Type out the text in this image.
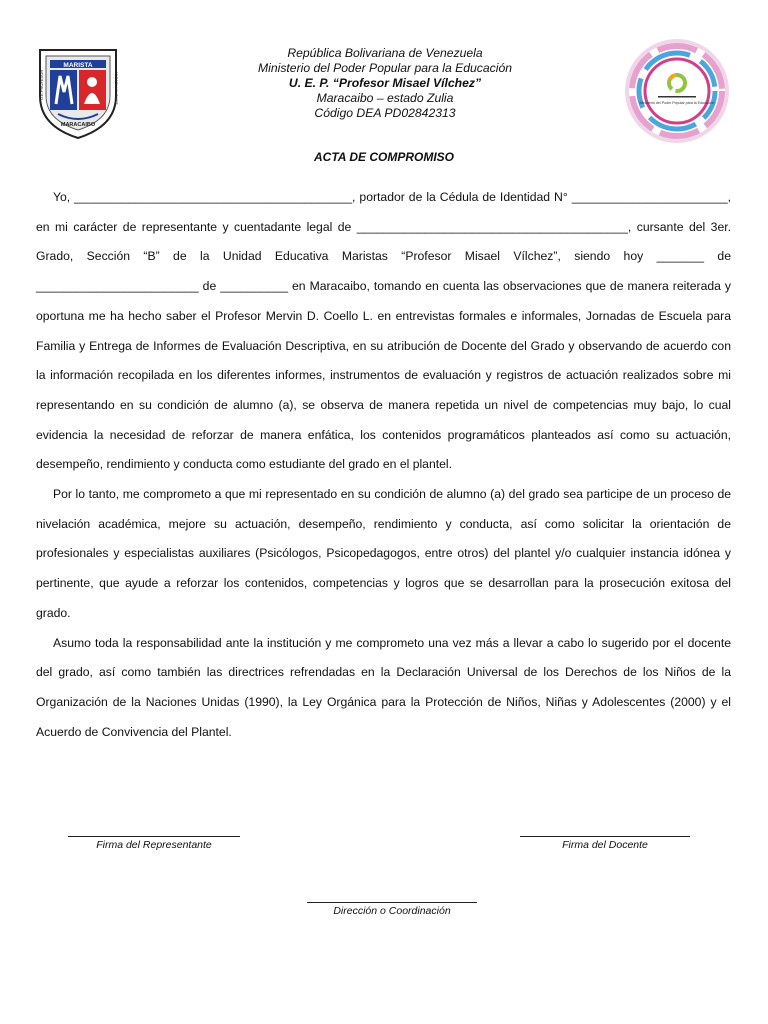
MARISTA
MARACAIBO
U.E.PROFESOR	MISAEL VILCHEZ
República Bolivariana de Venezuela
Ministerio del Poder Popular para la Educación
U. E. P. “Profesor Misael Vílchez”
Maracaibo – estado Zulia
Código DEA PD02842313
Ministerio del Poder Popular para la Educación
ACTA DE COMPROMISO

Yo, _________________________________________, portador de la Cédula de Identidad N° _______________________, en mi carácter de representante y cuentadante legal de ________________________________________, cursante del 3er. Grado, Sección “B” de la Unidad Educativa Maristas “Profesor Misael Vílchez”, siendo hoy _______ de ________________________ de __________ en Maracaibo, tomando en cuenta las observaciones que de manera reiterada y oportuna me ha hecho saber el Profesor Mervin D. Coello L. en entrevistas formales e informales, Jornadas de Escuela para Familia y Entrega de Informes de Evaluación Descriptiva, en su atribución de Docente del Grado y observando de acuerdo con la información recopilada en los diferentes informes, instrumentos de evaluación y registros de actuación realizados sobre mi representando en su condición de alumno (a), se observa de manera repetida un nivel de competencias muy bajo, lo cual evidencia la necesidad de reforzar de manera enfática, los contenidos programáticos planteados así como su actuación, desempeño, rendimiento y conducta como estudiante del grado en el plantel.

Por lo tanto, me comprometo a que mi representado en su condición de alumno (a) del grado sea participe de un proceso de nivelación académica, mejore su actuación, desempeño, rendimiento y conducta, así como solicitar la orientación de profesionales y especialistas auxiliares (Psicólogos, Psicopedagogos, entre otros) del plantel y/o cualquier instancia idónea y pertinente, que ayude a reforzar los contenidos, competencias y logros que se desarrollan para la prosecución exitosa del grado.

Asumo toda la responsabilidad ante la institución y me comprometo una vez más a llevar a cabo lo sugerido por el docente del grado, así como también las directrices refrendadas en la Declaración Universal de los Derechos de los Niños de la Organización de la Naciones Unidas (1990), la Ley Orgánica para la Protección de Niños, Niñas y Adolescentes (2000) y el Acuerdo de Convivencia del Plantel.

Firma del Representante	Firma del Docente
Dirección o Coordinación
